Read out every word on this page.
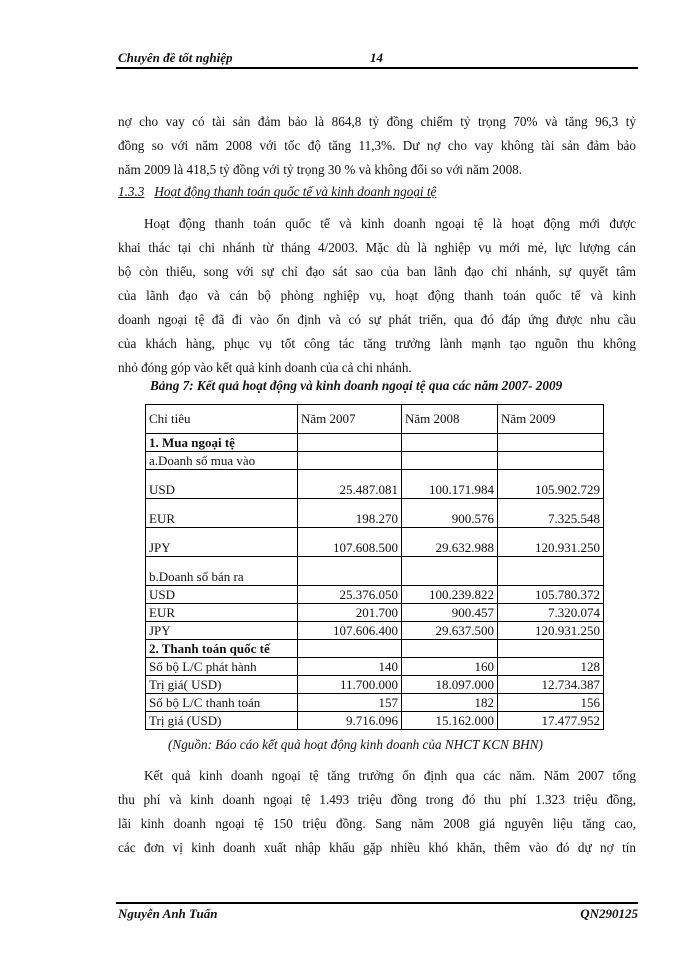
Chuyên đề tốt nghiệp	14
nợ cho vay có tài sản đảm bảo là 864,8 tỷ đồng chiếm tỷ trọng 70% và tăng 96,3 tỷ
đồng so với năm 2008 với tốc độ tăng 11,3%. Dư nợ cho vay không tài sản đảm bảo
năm 2009 là 418,5 tỷ đồng với tỷ trọng 30 % và không đổi so với năm 2008.
1.3.3 Hoạt động thanh toán quốc tế và kinh doanh ngoại tệ
Hoạt động thanh toán quốc tế và kinh doanh ngoại tệ là hoạt động mới được
khai thác tại chi nhánh từ tháng 4/2003. Mặc dù là nghiệp vụ mới mẻ, lực lượng cán
bộ còn thiếu, song với sự chỉ đạo sát sao của ban lãnh đạo chi nhánh, sự quyết tâm
của lãnh đạo và cán bộ phòng nghiệp vụ, hoạt động thanh toán quốc tế và kinh
doanh ngoại tệ đã đi vào ổn định và có sự phát triển, qua đó đáp ứng được nhu cầu
của khách hàng, phục vụ tốt công tác tăng trưởng lành mạnh tạo nguồn thu không
nhỏ đóng góp vào kết quả kinh doanh của cả chi nhánh.
Bảng 7: Kết quả hoạt động và kinh doanh ngoại tệ qua các năm 2007- 2009
Chỉ tiêu	Năm 2007	Năm 2008	Năm 2009
1. Mua ngoại tệ			
a.Doanh số mua vào			
USD	25.487.081	100.171.984	105.902.729
EUR	198.270	900.576	7.325.548
JPY	107.608.500	29.632.988	120.931.250
b.Doanh số bán ra			
USD	25.376.050	100.239.822	105.780.372
EUR	201.700	900.457	7.320.074
JPY	107.606.400	29.637.500	120.931.250
2. Thanh toán quốc tế			
Số bộ L/C phát hành	140	160	128
Trị giá( USD)	11.700.000	18.097.000	12.734.387
Số bộ L/C thanh toán	157	182	156
Trị giá (USD)	9.716.096	15.162.000	17.477.952
(Nguồn: Báo cáo kết quả hoạt động kinh doanh của NHCT KCN BHN)
Kết quả kinh doanh ngoại tệ tăng trưởng ổn định qua các năm. Năm 2007 tổng
thu phí và kinh doanh ngoại tệ 1.493 triệu đồng trong đó thu phí 1.323 triệu đồng,
lãi kinh doanh ngoại tệ 150 triệu đồng. Sang năm 2008 giá nguyên liệu tăng cao,
các đơn vị kinh doanh xuất nhập khẩu gặp nhiều khó khăn, thêm vào đó dự nợ tín
Nguyễn Anh Tuấn	QN290125
